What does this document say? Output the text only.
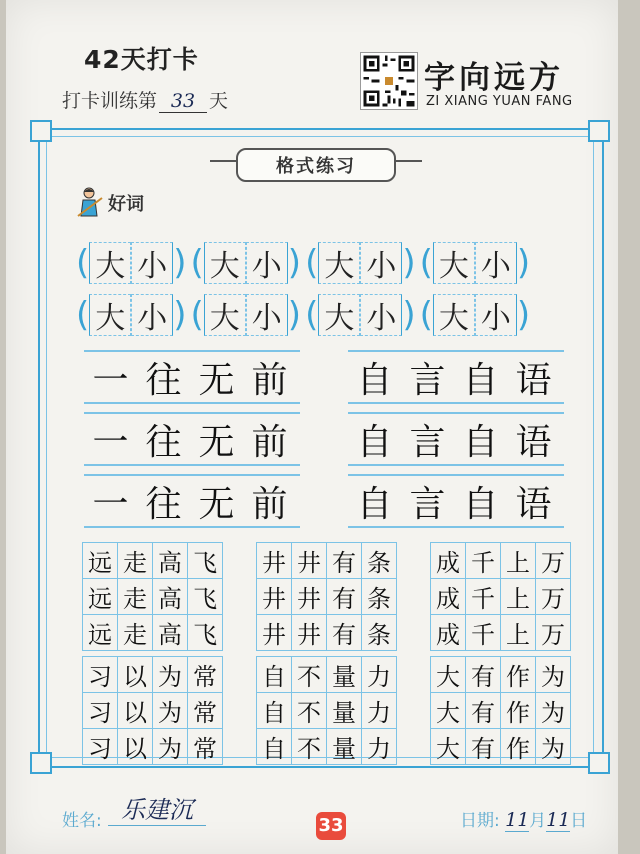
42天打卡
打卡训练第 33 天
字向远方
ZI XIANG YUAN FANG
格式练习
好词
( 大 小 ) ( 大 小 ) ( 大 小 ) ( 大 小 )
( 大 小 ) ( 大 小 ) ( 大 小 ) ( 大 小 )
一 往 无 前
一 往 无 前
一 往 无 前
自 言 自 语
自 言 自 语
自 言 自 语
远	走	高	飞
远	走	高	飞
远	走	高	飞
井	井	有	条
井	井	有	条
井	井	有	条
成	千	上	万
成	千	上	万
成	千	上	万
习	以	为	常
习	以	为	常
习	以	为	常
自	不	量	力
自	不	量	力
自	不	量	力
大	有	作	为
大	有	作	为
大	有	作	为
姓名: 乐建沉
33	日期: 11月11日
